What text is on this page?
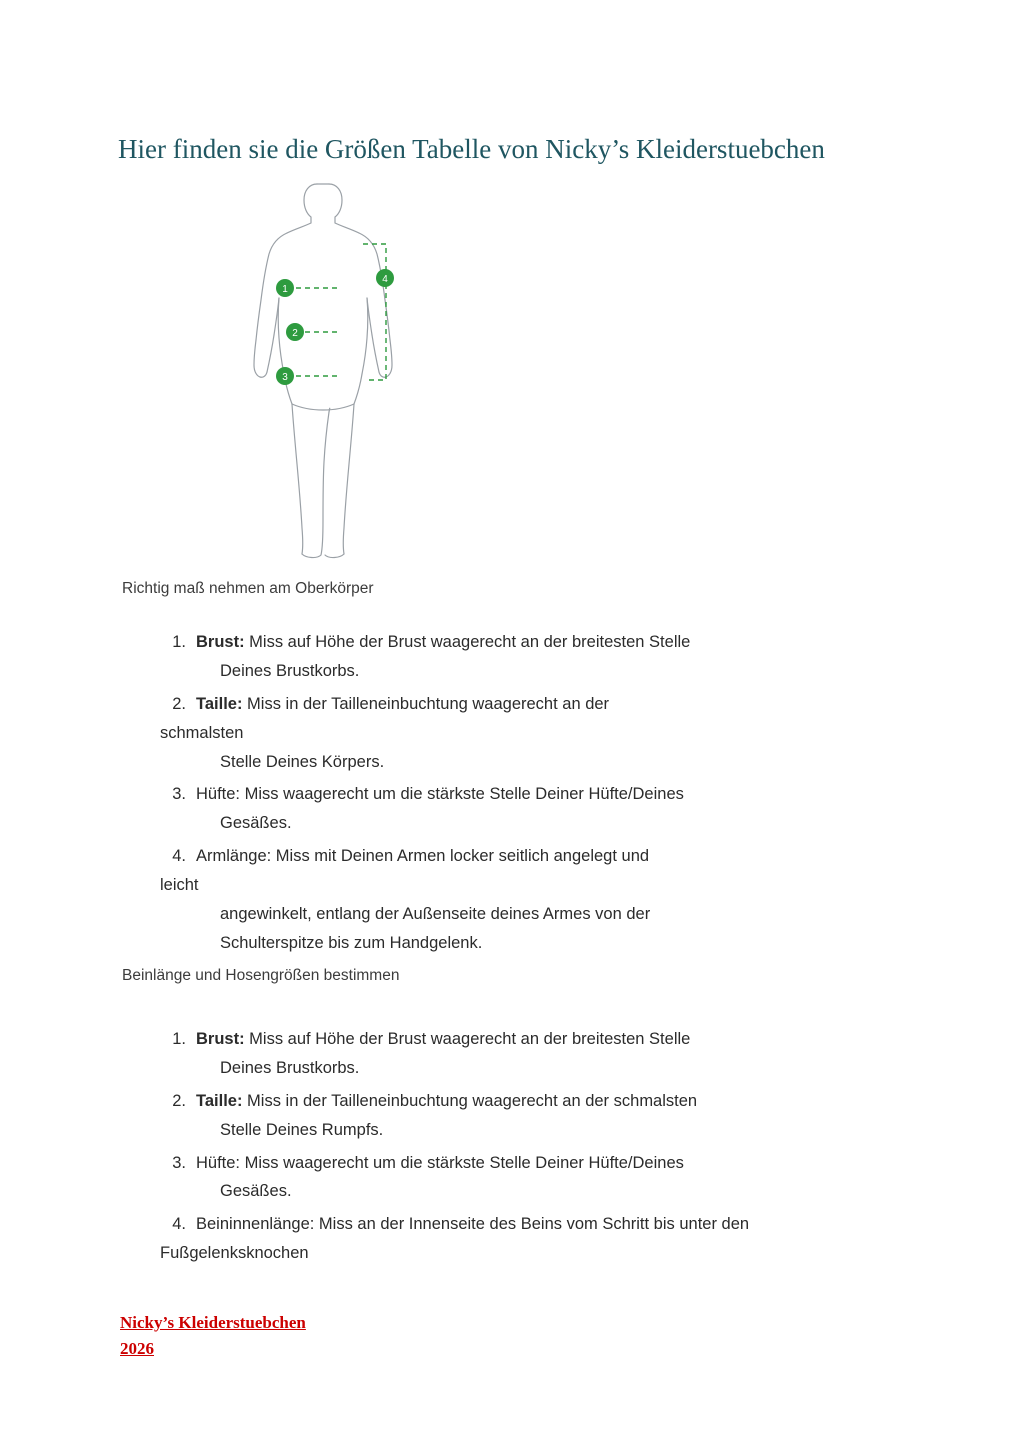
Hier finden sie die Größen Tabelle von Nicky’s Kleiderstuebchen
1
2
3
4
Richtig maß nehmen am Oberkörper
1. Brust: Miss auf Höhe der Brust waagerecht an der breitesten Stelle
Deines Brustkorbs.
2. Taille: Miss in der Tailleneinbuchtung waagerecht an der
schmalsten
Stelle Deines Körpers.
3. Hüfte: Miss waagerecht um die stärkste Stelle Deiner Hüfte/Deines
Gesäßes.
4. Armlänge: Miss mit Deinen Armen locker seitlich angelegt und
leicht
angewinkelt, entlang der Außenseite deines Armes von der
Schulterspitze bis zum Handgelenk.
Beinlänge und Hosengrößen bestimmen
1. Brust: Miss auf Höhe der Brust waagerecht an der breitesten Stelle
Deines Brustkorbs.
2. Taille: Miss in der Tailleneinbuchtung waagerecht an der schmalsten
Stelle Deines Rumpfs.
3. Hüfte: Miss waagerecht um die stärkste Stelle Deiner Hüfte/Deines
Gesäßes.
4. Beininnenlänge: Miss an der Innenseite des Beins vom Schritt bis unter den
Fußgelenksknochen
Nicky’s Kleiderstuebchen
2026
